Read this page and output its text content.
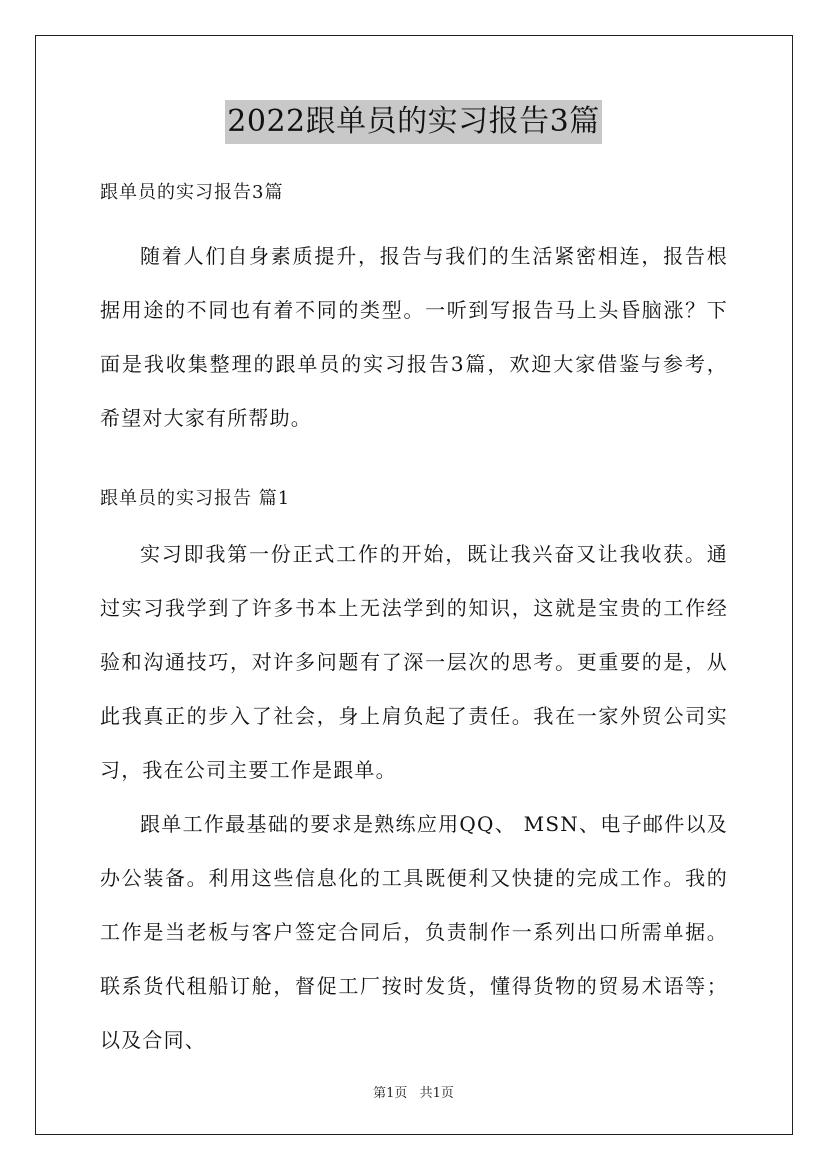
2022跟单员的实习报告3篇

跟单员的实习报告3篇

随着人们自身素质提升，报告与我们的生活紧密相连，报告根据用途的不同也有着不同的类型。一听到写报告马上头昏脑涨？下面是我收集整理的跟单员的实习报告3篇，欢迎大家借鉴与参考，希望对大家有所帮助。

跟单员的实习报告 篇1

实习即我第一份正式工作的开始，既让我兴奋又让我收获。通过实习我学到了许多书本上无法学到的知识，这就是宝贵的工作经验和沟通技巧，对许多问题有了深一层次的思考。更重要的是，从此我真正的步入了社会，身上肩负起了责任。我在一家外贸公司实习，我在公司主要工作是跟单。

跟单工作最基础的要求是熟练应用QQ、 MSN、电子邮件以及办公装备。利用这些信息化的工具既便利又快捷的完成工作。我的工作是当老板与客户签定合同后，负责制作一系列出口所需单据。联系货代租船订舱，督促工厂按时发货，懂得货物的贸易术语等；以及合同、

第1页 共1页
